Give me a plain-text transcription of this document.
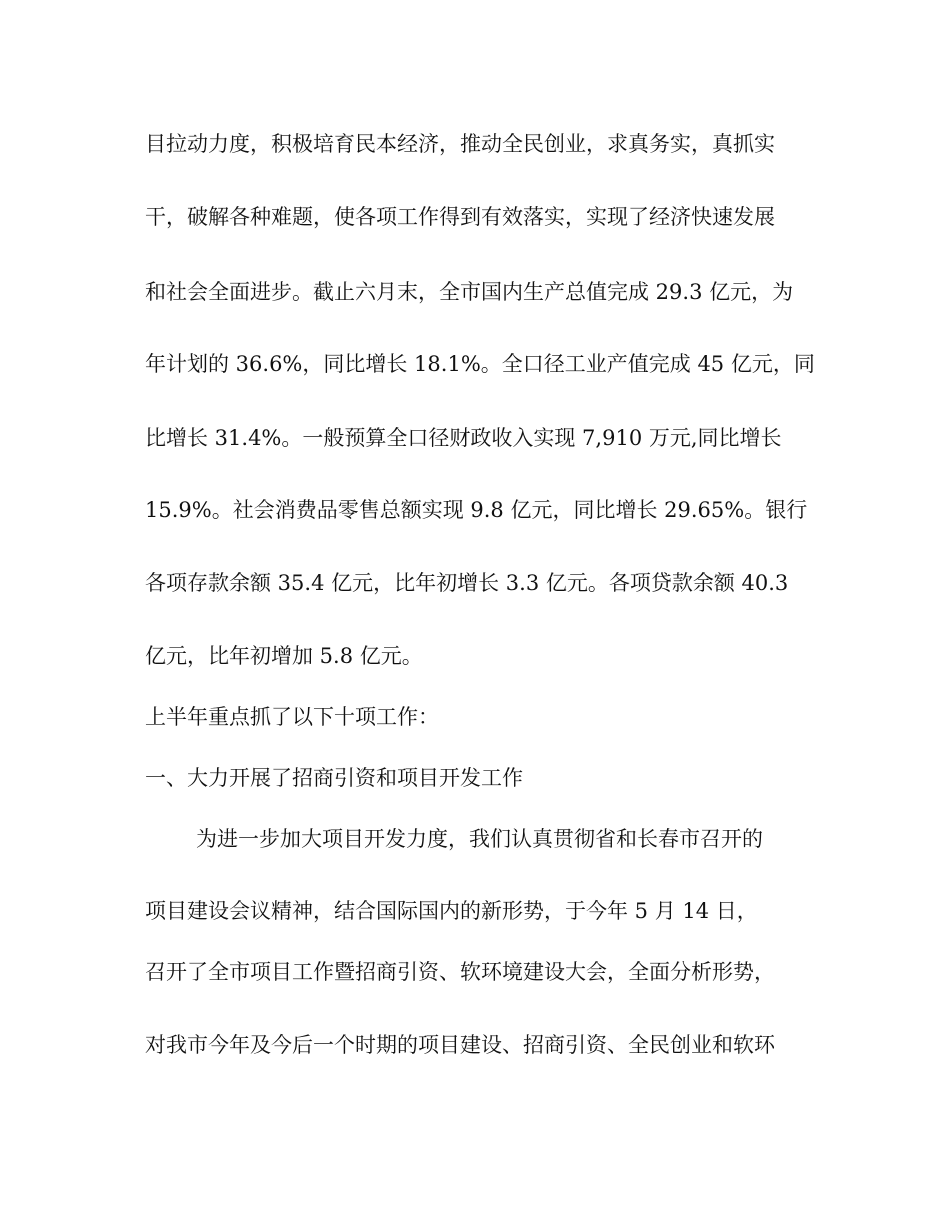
目拉动力度，积极培育民本经济，推动全民创业，求真务实，真抓实

干，破解各种难题，使各项工作得到有效落实，实现了经济快速发展

和社会全面进步。截止六月末，全市国内生产总值完成 29.3 亿元，为

年计划的 36.6%，同比增长 18.1%。全口径工业产值完成 45 亿元，同

比增长 31.4%。一般预算全口径财政收入实现 7,910 万元,同比增长

15.9%。社会消费品零售总额实现 9.8 亿元，同比增长 29.65%。银行

各项存款余额 35.4 亿元，比年初增长 3.3 亿元。各项贷款余额 40.3

亿元，比年初增加 5.8 亿元。

上半年重点抓了以下十项工作：

一、大力开展了招商引资和项目开发工作

为进一步加大项目开发力度，我们认真贯彻省和长春市召开的

项目建设会议精神，结合国际国内的新形势，于今年 5 月 14 日，

召开了全市项目工作暨招商引资、软环境建设大会，全面分析形势，

对我市今年及今后一个时期的项目建设、招商引资、全民创业和软环
